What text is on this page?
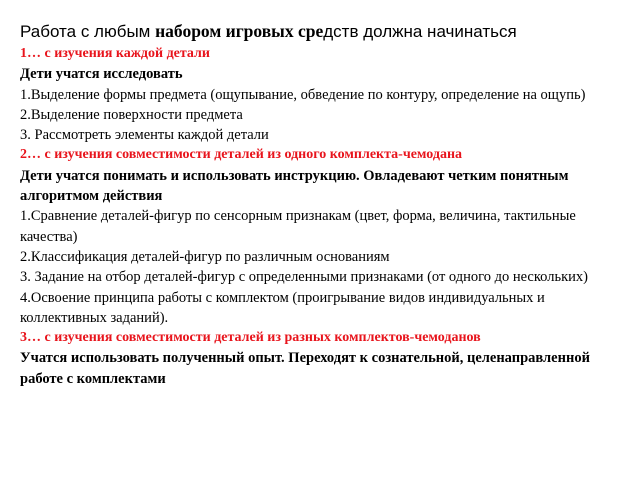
Работа с любым набором игровых средств должна начинаться
1… с изучения каждой детали
Дети учатся исследовать
1.Выделение формы предмета (ощупывание, обведение по контуру, определение на ощупь)
2.Выделение поверхности предмета
3. Рассмотреть элементы каждой детали
2… с изучения совместимости деталей из одного комплекта-чемодана
Дети учатся понимать и использовать инструкцию. Овладевают четким понятным алгоритмом действия
1.Сравнение деталей-фигур по сенсорным признакам (цвет, форма, величина, тактильные качества)
2.Классификация деталей-фигур по различным основаниям
3. Задание на отбор деталей-фигур с определенными признаками (от одного до нескольких)
4.Освоение принципа работы с комплектом (проигрывание видов индивидуальных и коллективных заданий).
3… с изучения совместимости деталей из разных комплектов-чемоданов
Учатся использовать полученный опыт. Переходят к сознательной, целенаправленной работе с комплектами
